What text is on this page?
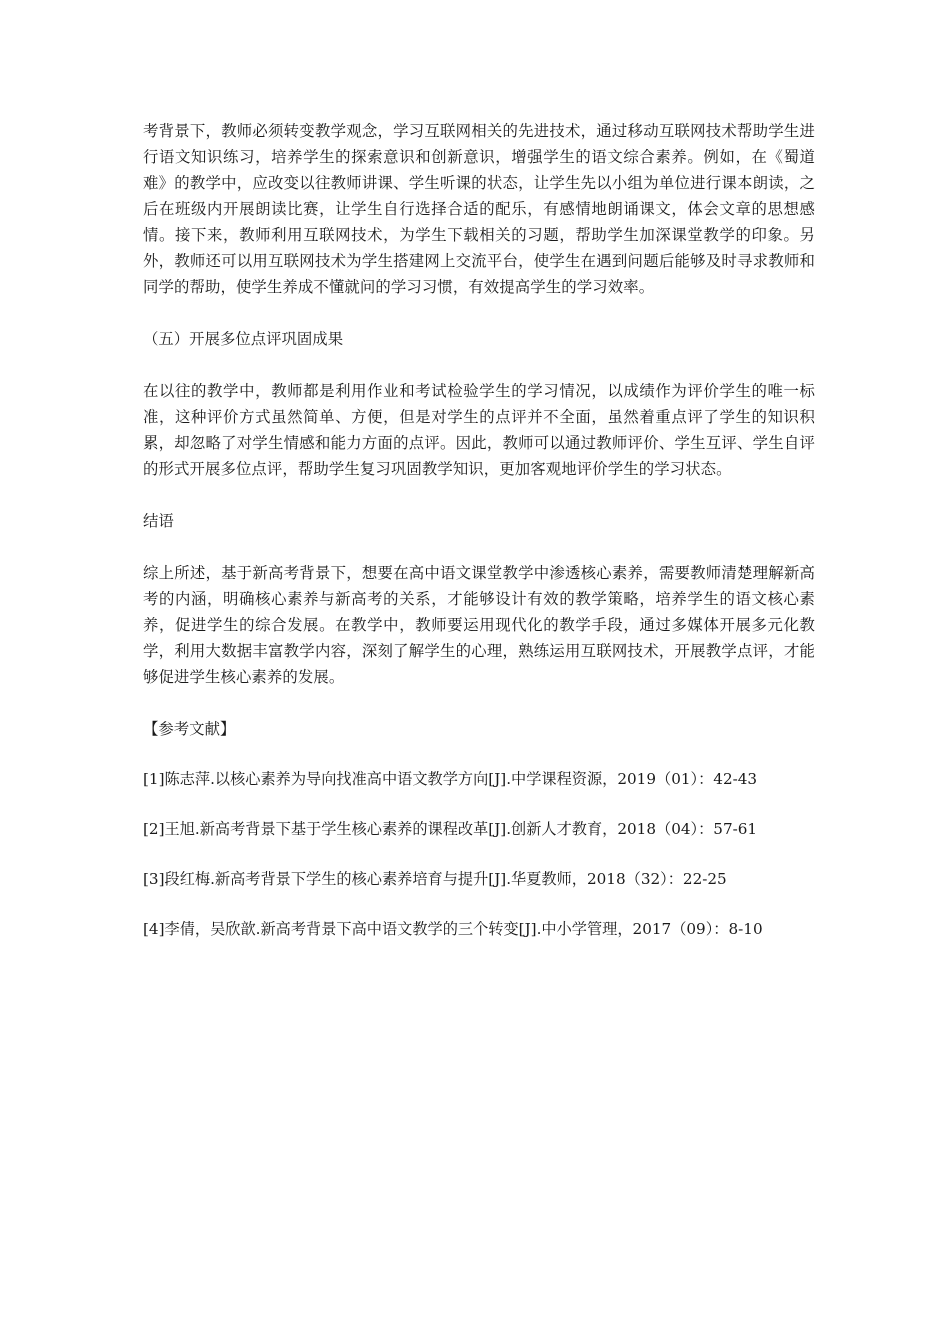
考背景下，教师必须转变教学观念，学习互联网相关的先进技术，通过移动互联网技术帮助学生进行语文知识练习，培养学生的探索意识和创新意识，增强学生的语文综合素养。例如，在《蜀道难》的教学中，应改变以往教师讲课、学生听课的状态，让学生先以小组为单位进行课本朗读，之后在班级内开展朗读比赛，让学生自行选择合适的配乐，有感情地朗诵课文，体会文章的思想感情。接下来，教师利用互联网技术，为学生下载相关的习题，帮助学生加深课堂教学的印象。另外，教师还可以用互联网技术为学生搭建网上交流平台，使学生在遇到问题后能够及时寻求教师和同学的帮助，使学生养成不懂就问的学习习惯，有效提高学生的学习效率。

（五）开展多位点评巩固成果

在以往的教学中，教师都是利用作业和考试检验学生的学习情况，以成绩作为评价学生的唯一标准，这种评价方式虽然简单、方便，但是对学生的点评并不全面，虽然着重点评了学生的知识积累，却忽略了对学生情感和能力方面的点评。因此，教师可以通过教师评价、学生互评、学生自评的形式开展多位点评，帮助学生复习巩固教学知识，更加客观地评价学生的学习状态。

结语

综上所述，基于新高考背景下，想要在高中语文课堂教学中渗透核心素养，需要教师清楚理解新高考的内涵，明确核心素养与新高考的关系，才能够设计有效的教学策略，培养学生的语文核心素养，促进学生的综合发展。在教学中，教师要运用现代化的教学手段，通过多媒体开展多元化教学，利用大数据丰富教学内容，深刻了解学生的心理，熟练运用互联网技术，开展教学点评，才能够促进学生核心素养的发展。

【参考文献】

[1]陈志萍.以核心素养为导向找准高中语文教学方向[J].中学课程资源，2019（01）：42-43

[2]王旭.新高考背景下基于学生核心素养的课程改革[J].创新人才教育，2018（04）：57-61

[3]段红梅.新高考背景下学生的核心素养培育与提升[J].华夏教师，2018（32）：22-25

[4]李倩，吴欣歆.新高考背景下高中语文教学的三个转变[J].中小学管理，2017（09）：8-10
